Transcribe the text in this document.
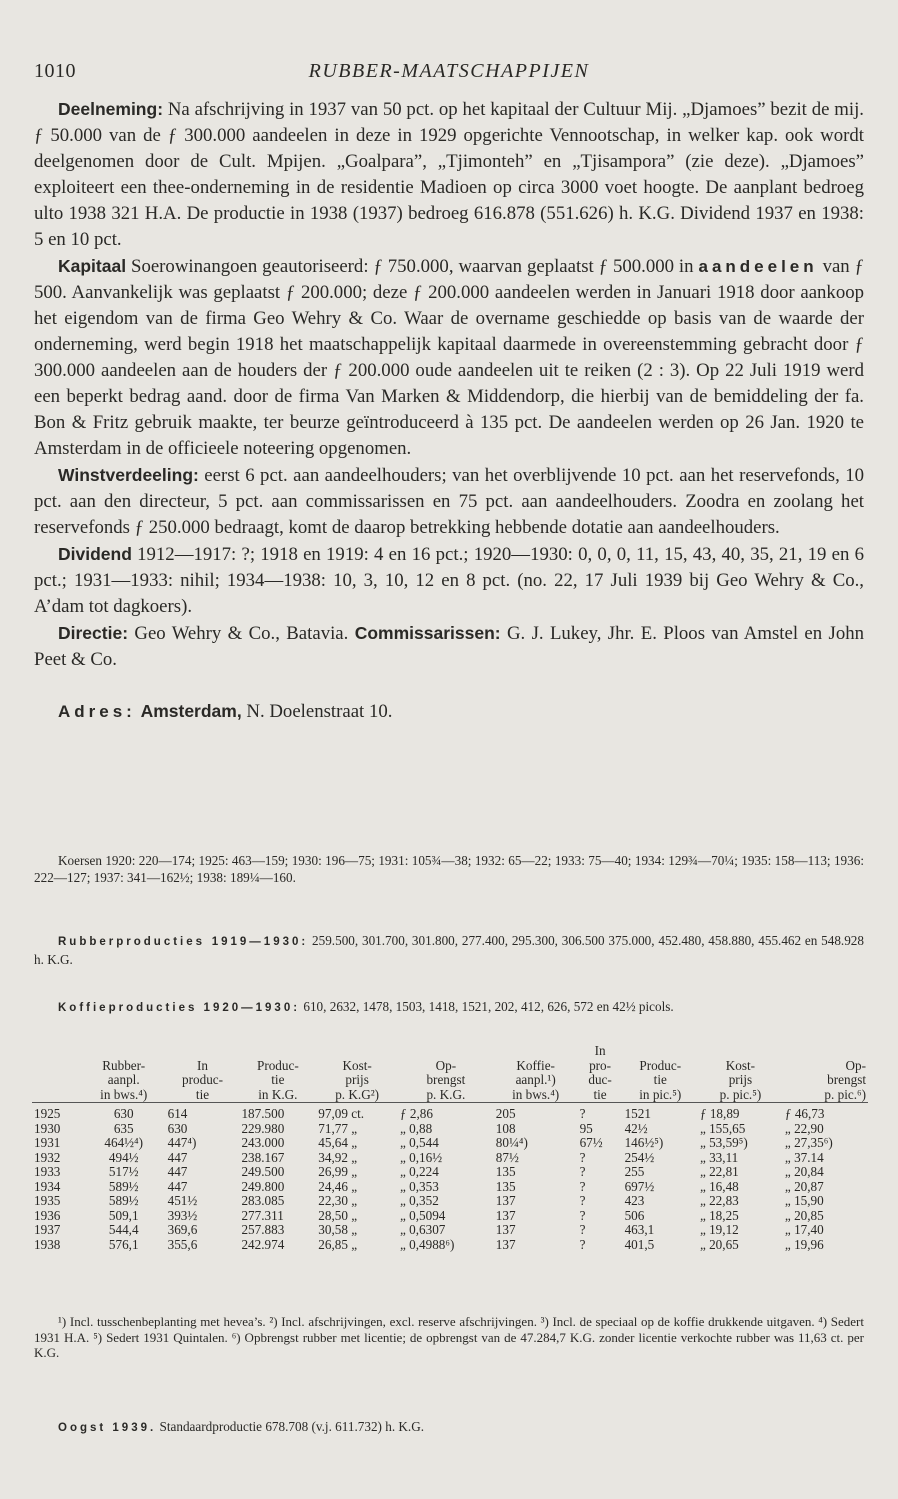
1010	RUBBER-MAATSCHAPPIJEN

Deelneming: Na afschrijving in 1937 van 50 pct. op het kapitaal der Cultuur Mij. „Djamoes” bezit de mij. ƒ 50.000 van de ƒ 300.000 aandeelen in deze in 1929 opgerichte Vennootschap, in welker kap. ook wordt deelgenomen door de Cult. Mpijen. „Goalpara”, „Tjimonteh” en „Tjisampora” (zie deze). „Djamoes” exploiteert een thee-onderneming in de residentie Madioen op circa 3000 voet hoogte. De aanplant bedroeg ulto 1938 321 H.A. De productie in 1938 (1937) bedroeg 616.878 (551.626) h. K.G. Dividend 1937 en 1938: 5 en 10 pct.

Kapitaal Soerowinangoen geautoriseerd: ƒ 750.000, waarvan geplaatst ƒ 500.000 in aandeelen van ƒ 500. Aanvankelijk was geplaatst ƒ 200.000; deze ƒ 200.000 aandeelen werden in Januari 1918 door aankoop het eigendom van de firma Geo Wehry & Co. Waar de overname geschiedde op basis van de waarde der onderneming, werd begin 1918 het maatschappelijk kapitaal daarmede in overeenstemming gebracht door ƒ 300.000 aandeelen aan de houders der ƒ 200.000 oude aandeelen uit te reiken (2 : 3). Op 22 Juli 1919 werd een beperkt bedrag aand. door de firma Van Marken & Middendorp, die hierbij van de bemiddeling der fa. Bon & Fritz gebruik maakte, ter beurze geïntroduceerd à 135 pct. De aandeelen werden op 26 Jan. 1920 te Amsterdam in de officieele noteering opgenomen.

Winstverdeeling: eerst 6 pct. aan aandeelhouders; van het overblijvende 10 pct. aan het reservefonds, 10 pct. aan den directeur, 5 pct. aan commissarissen en 75 pct. aan aandeelhouders. Zoodra en zoolang het reservefonds ƒ 250.000 bedraagt, komt de daarop betrekking hebbende dotatie aan aandeelhouders.

Dividend 1912—1917: ?; 1918 en 1919: 4 en 16 pct.; 1920—1930: 0, 0, 0, 11, 15, 43, 40, 35, 21, 19 en 6 pct.; 1931—1933: nihil; 1934—1938: 10, 3, 10, 12 en 8 pct. (no. 22, 17 Juli 1939 bij Geo Wehry & Co., A’dam tot dagkoers).

Directie: Geo Wehry & Co., Batavia. Commissarissen: G. J. Lukey, Jhr. E. Ploos van Amstel en John Peet & Co.

Adres: Amsterdam, N. Doelenstraat 10.

Koersen 1920: 220—174; 1925: 463—159; 1930: 196—75; 1931: 105¾—38; 1932: 65—22; 1933: 75—40; 1934: 129¾—70¼; 1935: 158—113; 1936: 222—127; 1937: 341—162½; 1938: 189¼—160.

Rubberproducties 1919—1930: 259.500, 301.700, 301.800, 277.400, 295.300, 306.500 375.000, 452.480, 458.880, 455.462 en 548.928 h. K.G.

Koffieproducties 1920—1930: 610, 2632, 1478, 1503, 1418, 1521, 202, 412, 626, 572 en 42½ picols.

	Rubber-
aanpl.
in bws.⁴)	In
produc-
tie	Produc-
tie
in K.G.	Kost-
prijs
p. K.G²)	Op-
brengst
p. K.G.	Koffie-
aanpl.¹)
in bws.⁴)	In
pro-
duc-
tie	Produc-
tie
in pic.⁵)	Kost-
prijs
p. pic.⁵)	Op-
brengst
p. pic.⁶)
1925	630	614	187.500	97,09 ct.	ƒ 2,86	205	?	1521	ƒ 18,89	ƒ 46,73
1930	635	630	229.980	71,77 „	„ 0,88	108	95	42½	„ 155,65	„ 22,90
1931	464½⁴)	447⁴)	243.000	45,64 „	„ 0,544	80¼⁴)	67½	146½⁵)	„ 53,59⁵)	„ 27,35⁶)
1932	494½	447	238.167	34,92 „	„ 0,16½	87½	?	254½	„ 33,11	„ 37.14
1933	517½	447	249.500	26,99 „	„ 0,224	135	?	255	„ 22,81	„ 20,84
1934	589½	447	249.800	24,46 „	„ 0,353	135	?	697½	„ 16,48	„ 20,87
1935	589½	451½	283.085	22,30 „	„ 0,352	137	?	423	„ 22,83	„ 15,90
1936	509,1	393½	277.311	28,50 „	„ 0,5094	137	?	506	„ 18,25	„ 20,85
1937	544,4	369,6	257.883	30,58 „	„ 0,6307	137	?	463,1	„ 19,12	„ 17,40
1938	576,1	355,6	242.974	26,85 „	„ 0,4988⁶)	137	?	401,5	„ 20,65	„ 19,96

¹) Incl. tusschenbeplanting met hevea’s. ²) Incl. afschrijvingen, excl. reserve afschrijvingen. ³) Incl. de speciaal op de koffie drukkende uitgaven. ⁴) Sedert 1931 H.A. ⁵) Sedert 1931 Quintalen. ⁶) Opbrengst rubber met licentie; de opbrengst van de 47.284,7 K.G. zonder licentie verkochte rubber was 11,63 ct. per K.G.

Oogst 1939. Standaardproductie 678.708 (v.j. 611.732) h. K.G.
